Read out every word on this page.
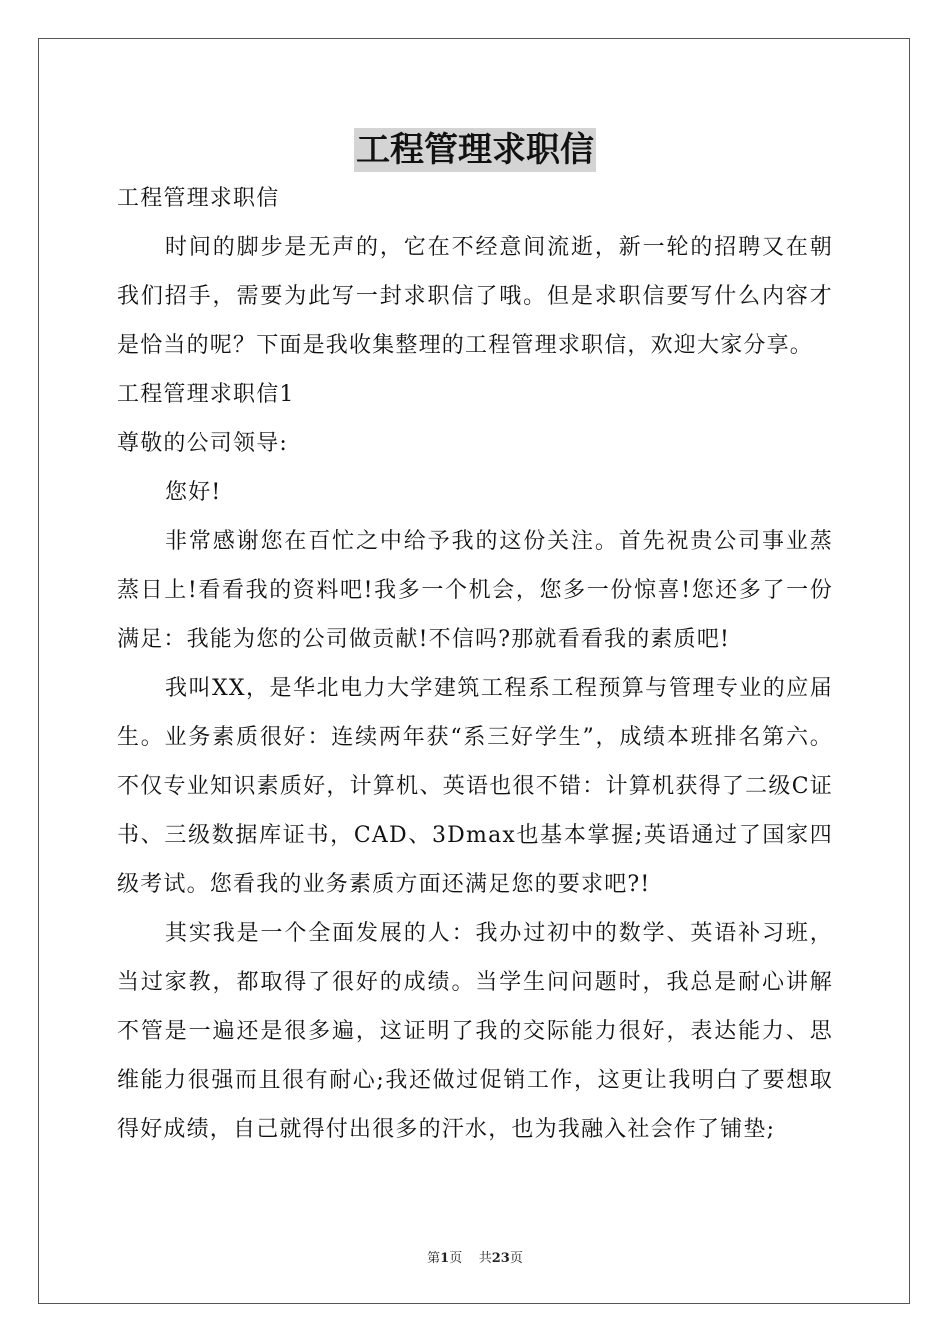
工程管理求职信

工程管理求职信

时间的脚步是无声的，它在不经意间流逝，新一轮的招聘又在朝我们招手，需要为此写一封求职信了哦。但是求职信要写什么内容才是恰当的呢？下面是我收集整理的工程管理求职信，欢迎大家分享。

工程管理求职信1

尊敬的公司领导:

您好!

非常感谢您在百忙之中给予我的这份关注。首先祝贵公司事业蒸蒸日上!看看我的资料吧!我多一个机会，您多一份惊喜!您还多了一份满足：我能为您的公司做贡献!不信吗?那就看看我的素质吧!

我叫XX，是华北电力大学建筑工程系工程预算与管理专业的应届生。业务素质很好：连续两年获“系三好学生”，成绩本班排名第六。不仅专业知识素质好，计算机、英语也很不错：计算机获得了二级C证书、三级数据库证书，CAD、3Dmax也基本掌握;英语通过了国家四级考试。您看我的业务素质方面还满足您的要求吧?!

其实我是一个全面发展的人：我办过初中的数学、英语补习班，当过家教，都取得了很好的成绩。当学生问问题时，我总是耐心讲解不管是一遍还是很多遍，这证明了我的交际能力很好，表达能力、思维能力很强而且很有耐心;我还做过促销工作，这更让我明白了要想取得好成绩，自己就得付出很多的汗水，也为我融入社会作了铺垫;

第1页 共23页
